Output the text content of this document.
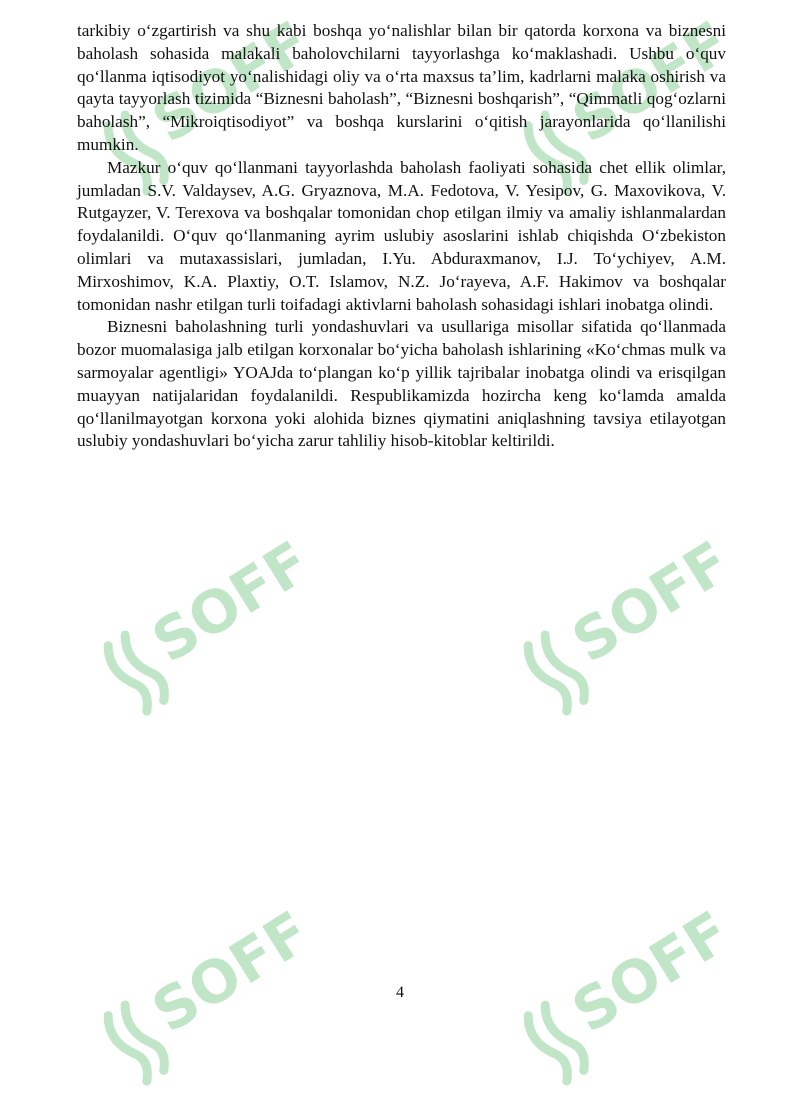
SOFF	SOFF
SOFF	SOFF
SOFF	SOFF

tarkibiy o‘zgartirish va shu kabi boshqa yo‘nalishlar bilan bir qatorda korxona va biznesni baholash sohasida malakali baholovchilarni tayyorlashga ko‘maklashadi. Ushbu o‘quv qo‘llanma iqtisodiyot yo‘nalishidagi oliy va o‘rta maxsus ta’lim, kadrlarni malaka oshirish va qayta tayyorlash tizimida “Biznesni baholash”, “Biznesni boshqarish”, “Qimmatli qog‘ozlarni baholash”, “Mikroiqtisodiyot” va boshqa kurslarini o‘qitish jarayonlarida qo‘llanilishi mumkin.

Mazkur o‘quv qo‘llanmani tayyorlashda baholash faoliyati sohasida chet ellik olimlar, jumladan S.V. Valdaysev, A.G. Gryaznova, M.A. Fedotova, V. Yesipov, G. Maxovikova, V. Rutgayzer, V. Terexova va boshqalar tomonidan chop etilgan ilmiy va amaliy ishlanmalardan foydalanildi. O‘quv qo‘llanmaning ayrim uslubiy asoslarini ishlab chiqishda O‘zbekiston olimlari va mutaxassislari, jumladan, I.Yu. Abduraxmanov, I.J. To‘ychiyev, A.M. Mirxoshimov, K.A. Plaxtiy, O.T. Islamov, N.Z. Jo‘rayeva, A.F. Hakimov va boshqalar tomonidan nashr etilgan turli toifadagi aktivlarni baholash sohasidagi ishlari inobatga olindi.

Biznesni baholashning turli yondashuvlari va usullariga misollar sifatida qo‘llanmada bozor muomalasiga jalb etilgan korxonalar bo‘yicha baholash ishlarining «Ko‘chmas mulk va sarmoyalar agentligi» YOAJda to‘plangan ko‘p yillik tajribalar inobatga olindi va erisqilgan muayyan natijalaridan foydalanildi. Respublikamizda hozircha keng ko‘lamda amalda qo‘llanilmayotgan korxona yoki alohida biznes qiymatini aniqlashning tavsiya etilayotgan uslubiy yondashuvlari bo‘yicha zarur tahliliy hisob-kitoblar keltirildi.

4
